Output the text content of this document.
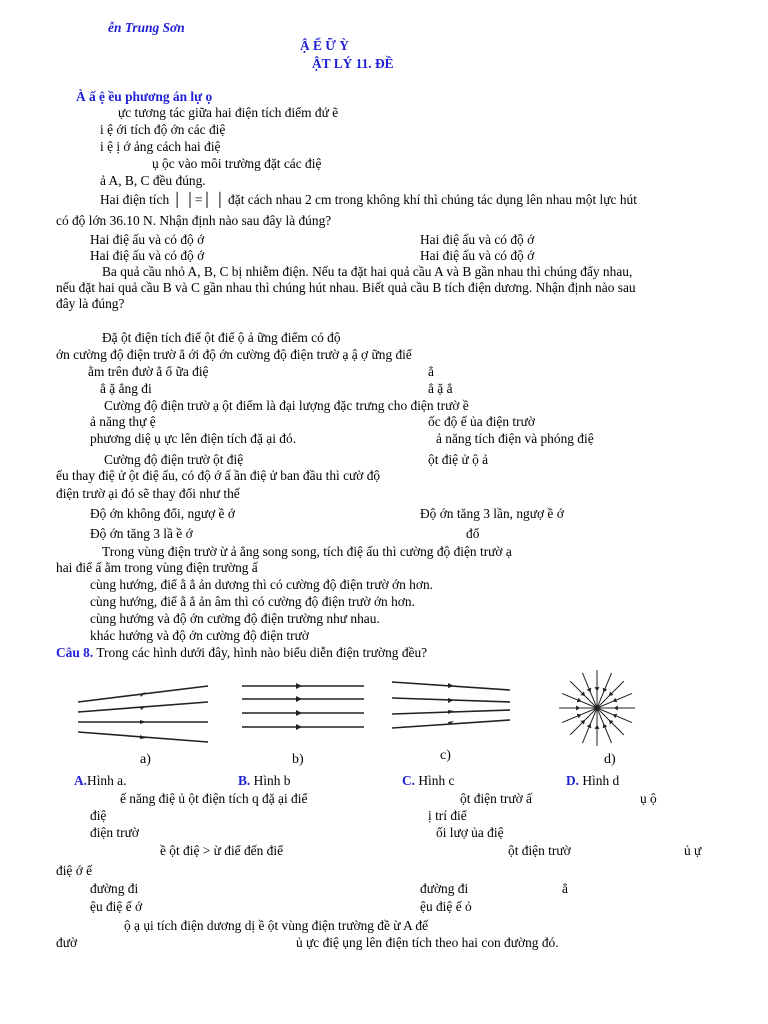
ễn Trung Sơn
Ậ Ể Ữ Ỳ
ẬT LÝ 11. ĐỀ
À ấ ệ ều phương án lự ọ
ực tương tác giữa hai điện tích điểm đứ ẽ
i ệ ới tích độ ớn các điệ
i ệ ị ớ ảng cách hai điệ
ụ ộc vào môi trường đặt các điệ
ả A, B, C đều đúng.
Hai điện tích │ │=│ │ đặt cách nhau 2 cm trong không khí thì chúng tác dụng lên nhau một lực hút
có độ lớn 36.10 N. Nhận định nào sau đây là đúng?
Hai điệ ấu và có độ ớ	Hai điệ ấu và có độ ớ
Hai điệ ấu và có độ ớ	Hai điệ ấu và có độ ớ
Ba quả cầu nhỏ A, B, C bị nhiễm điện. Nếu ta đặt hai quả cầu A và B gần nhau thì chúng đẩy nhau,
nếu đặt hai quả cầu B và C gần nhau thì chúng hút nhau. Biết quả cầu B tích điện dương. Nhận định nào sau
đây là đúng?
Đặ ột điện tích điể ột điể ộ ả ững điểm có độ
ớn cường độ điện trườ ẳ ới độ ớn cường độ điện trườ ạ ậ ợ ững điể
ằm trên đườ ẳ ổ ữa điệ	ẳ
ẳ ặ ẳng đi	ẳ ặ ẳ
Cường độ điện trườ ạ ột điểm là đại lượng đặc trưng cho điện trườ ề
ả năng thự ệ	ốc độ ế ủa điện trườ
phương diệ ụ ực lên điện tích đặ ại đó.	ả năng tích điện và phóng điệ
Cường độ điện trườ ột điệ	ột điệ ử ộ ả
ếu thay điệ ử ột điệ ấu, có độ ớ ấ ần điệ ử ban đầu thì cườ độ
điện trườ ại đó sẽ thay đổi như thế
Độ ớn không đổi, ngượ ề ớ	Độ ớn tăng 3 lần, ngượ ề ớ
Độ ớn tăng 3 lầ ề ớ	đổ
Trong vùng điện trườ ừ ả ẳng song song, tích điệ ấu thì cường độ điện trườ ạ
hai điể ấ ằm trong vùng điện trường ấ
cùng hướng, điể ằ ẳ ản dương thì có cường độ điện trườ ớn hơn.
cùng hướng, điể ằ ẳ ản âm thì có cường độ điện trườ ớn hơn.
cùng hướng và độ ớn cường độ điện trường như nhau.
khác hướng và độ ớn cường độ điện trườ
Câu 8. Trong các hình dưới đây, hình nào biểu diễn điện trường đều?
a)	b)	c)	d)
A.Hình a.	B. Hình b	C. Hình c	D. Hình d
ế năng điệ ủ ột điện tích q đặ ại điể	ột điện trườ ấ	ụ ộ
điệ	ị trí điể
điện trườ	ối lượ ủa điệ
ề ột điệ > ừ điể đến điể	ột điện trườ	ủ ự
điệ ớ ế
đường đi	đường đi	ẳ
ệu điệ ế ớ	ệu điệ ế ỏ
ộ ạ ụi tích điện dương dị ề ột vùng điện trường đề ừ A đế
đườ	ủ ực điệ ụng lên điện tích theo hai con đường đó.
